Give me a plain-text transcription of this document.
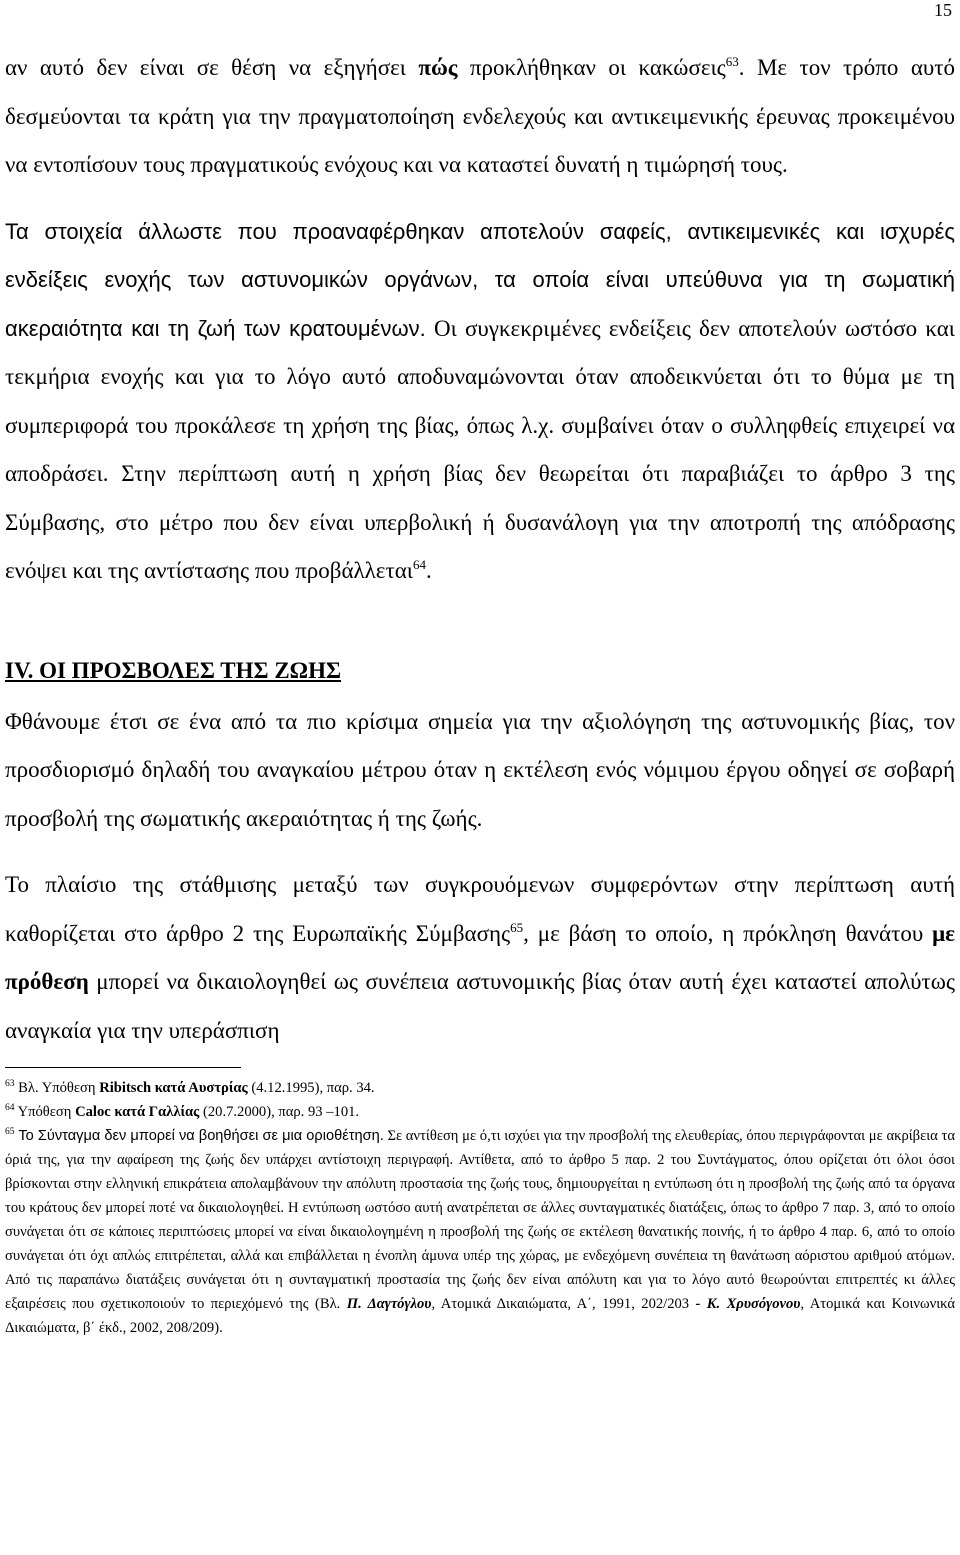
15

αν αυτό δεν είναι σε θέση να εξηγήσει πώς προκλήθηκαν οι κακώσεις$^{63}$. Με τον τρόπο αυτό δεσμεύονται τα κράτη για την πραγματοποίηση ενδελεχούς και αντικειμενικής έρευνας προκειμένου να εντοπίσουν τους πραγματικούς ενόχους και να καταστεί δυνατή η τιμώρησή τους.

Τα στοιχεία άλλωστε που προαναφέρθηκαν αποτελούν σαφείς, αντικειμενικές και ισχυρές ενδείξεις ενοχής των αστυνομικών οργάνων, τα οποία είναι υπεύθυνα για τη σωματική ακεραιότητα και τη ζωή των κρατουμένων. Οι συγκεκριμένες ενδείξεις δεν αποτελούν ωστόσο και τεκμήρια ενοχής και για το λόγο αυτό αποδυναμώνονται όταν αποδεικνύεται ότι το θύμα με τη συμπεριφορά του προκάλεσε τη χρήση της βίας, όπως λ.χ. συμβαίνει όταν ο συλληφθείς επιχειρεί να αποδράσει. Στην περίπτωση αυτή η χρήση βίας δεν θεωρείται ότι παραβιάζει το άρθρο 3 της Σύμβασης, στο μέτρο που δεν είναι υπερβολική ή δυσανάλογη για την αποτροπή της απόδρασης ενόψει και της αντίστασης που προβάλλεται$^{64}$.

IV. ΟΙ ΠΡΟΣΒΟΛΕΣ ΤΗΣ ΖΩΗΣ

Φθάνουμε έτσι σε ένα από τα πιο κρίσιμα σημεία για την αξιολόγηση της αστυνομικής βίας, τον προσδιορισμό δηλαδή του αναγκαίου μέτρου όταν η εκτέλεση ενός νόμιμου έργου οδηγεί σε σοβαρή προσβολή της σωματικής ακεραιότητας ή της ζωής.

Το πλαίσιο της στάθμισης μεταξύ των συγκρουόμενων συμφερόντων στην περίπτωση αυτή καθορίζεται στο άρθρο 2 της Ευρωπαϊκής Σύμβασης$^{65}$, με βάση το οποίο, η πρόκληση θανάτου με πρόθεση μπορεί να δικαιολογηθεί ως συνέπεια αστυνομικής βίας όταν αυτή έχει καταστεί απολύτως αναγκαία για την υπεράσπιση

$^{63}$ Βλ. Υπόθεση Ribitsch κατά Αυστρίας (4.12.1995), παρ. 34.

$^{64}$ Υπόθεση Caloc κατά Γαλλίας (20.7.2000), παρ. 93 –101.

$^{65}$ Το Σύνταγμα δεν μπορεί να βοηθήσει σε μια οριοθέτηση. Σε αντίθεση με ό,τι ισχύει για την προσβολή της ελευθερίας, όπου περιγράφονται με ακρίβεια τα όριά της, για την αφαίρεση της ζωής δεν υπάρχει αντίστοιχη περιγραφή. Αντίθετα, από το άρθρο 5 παρ. 2 του Συντάγματος, όπου ορίζεται ότι όλοι όσοι βρίσκονται στην ελληνική επικράτεια απολαμβάνουν την απόλυτη προστασία της ζωής τους, δημιουργείται η εντύπωση ότι η προσβολή της ζωής από τα όργανα του κράτους δεν μπορεί ποτέ να δικαιολογηθεί. Η εντύπωση ωστόσο αυτή ανατρέπεται σε άλλες συνταγματικές διατάξεις, όπως το άρθρο 7 παρ. 3, από το οποίο συνάγεται ότι σε κάποιες περιπτώσεις μπορεί να είναι δικαιολογημένη η προσβολή της ζωής σε εκτέλεση θανατικής ποινής, ή το άρθρο 4 παρ. 6, από το οποίο συνάγεται ότι όχι απλώς επιτρέπεται, αλλά και επιβάλλεται η ένοπλη άμυνα υπέρ της χώρας, με ενδεχόμενη συνέπεια τη θανάτωση αόριστου αριθμού ατόμων. Από τις παραπάνω διατάξεις συνάγεται ότι η συνταγματική προστασία της ζωής δεν είναι απόλυτη και για το λόγο αυτό θεωρούνται επιτρεπτές κι άλλες εξαιρέσεις που σχετικοποιούν το περιεχόμενό της (Βλ. Π. Δαγτόγλου, Ατομικά Δικαιώματα, Α΄, 1991, 202/203 - Κ. Χρυσόγονου, Ατομικά και Κοινωνικά Δικαιώματα, β΄ έκδ., 2002, 208/209).
